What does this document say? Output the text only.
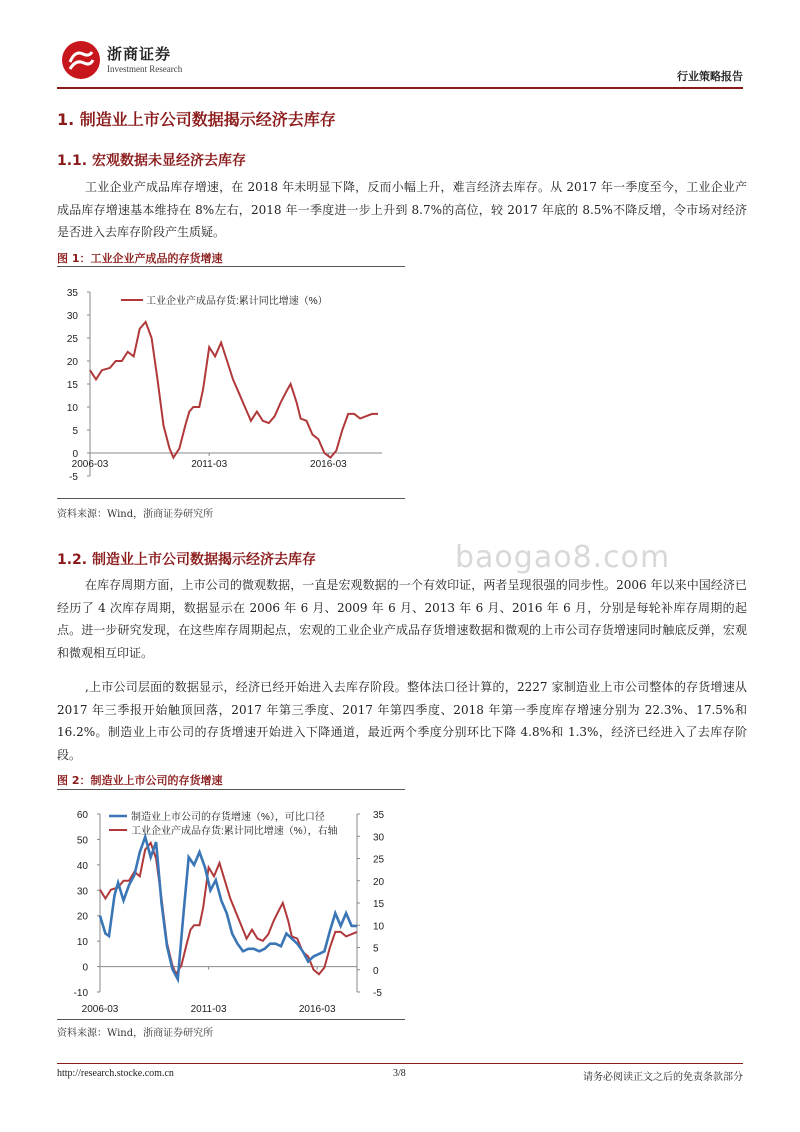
浙商证券
Investment Research
行业策略报告
1. 制造业上市公司数据揭示经济去库存
1.1. 宏观数据未显经济去库存

工业企业产成品库存增速，在 2018 年未明显下降，反而小幅上升，难言经济去库存。从 2017 年一季度至今，工业企业产成品库存增速基本维持在 8%左右，2018 年一季度进一步上升到 8.7%的高位，较 2017 年底的 8.5%不降反增，令市场对经济是否进入去库存阶段产生质疑。

图 1：工业企业产成品的存货增速
35
30
25
20
15
10
5
0
-5
2006-03	2011-03	2016-03
工业企业产成品存货:累计同比增速（%）
资料来源：Wind，浙商证券研究所
1.2. 制造业上市公司数据揭示经济去库存	baogao8.com

在库存周期方面，上市公司的微观数据，一直是宏观数据的一个有效印证，两者呈现很强的同步性。2006 年以来中国经济已经历了 4 次库存周期，数据显示在 2006 年 6 月、2009 年 6 月、2013 年 6 月、2016 年 6 月，分别是每轮补库存周期的起点。进一步研究发现，在这些库存周期起点，宏观的工业企业产成品存货增速数据和微观的上市公司存货增速同时触底反弹，宏观和微观相互印证。

,上市公司层面的数据显示，经济已经开始进入去库存阶段。整体法口径计算的，2227 家制造业上市公司整体的存货增速从 2017 年三季报开始触顶回落，2017 年第三季度、2017 年第四季度、2018 年第一季度库存增速分别为 22.3%、17.5%和 16.2%。制造业上市公司的存货增速开始进入下降通道，最近两个季度分别环比下降 4.8%和 1.3%，经济已经进入了去库存阶段。

图 2：制造业上市公司的存货增速
60
50
40
30
20
10
0
-10
35
30
25
20
15
10
5
0
-5
2006-03	2011-03	2016-03
制造业上市公司的存货增速（%），可比口径
工业企业产成品存货:累计同比增速（%），右轴
资料来源：Wind，浙商证券研究所
http://research.stocke.com.cn	3/8	请务必阅读正文之后的免责条款部分
